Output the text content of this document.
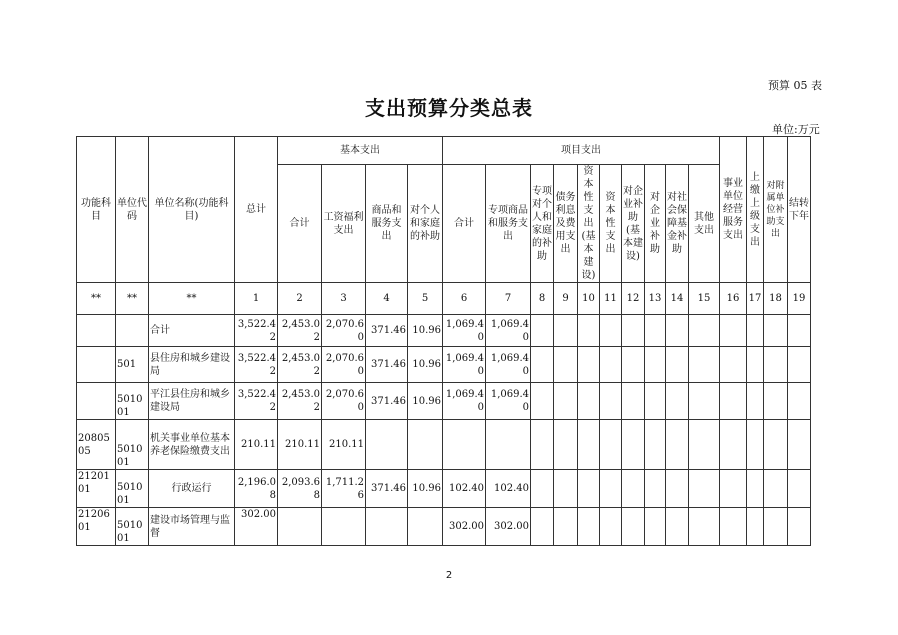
预算 05 表
支出预算分类总表
单位:万元
功能科目	单位代码	单位名称(功能科目)	总计	基本支出				项目支出										事业单位经营服务支出	上缴上级支出	对附属单位补助支出	结转下年
				合计	工资福利支出	商品和服务支出	对个人和家庭的补助	合计	专项商品和服务支出	专项对个人和家庭的补助	债务利息及费用支出	资本性支出(基本建设)	资本性支出	对企业补助(基本建设)	对企业补助	对社会保障基金补助	其他支出				
**	**	**	1	2	3	4	5	6	7	8	9	10	11	12	13	14	15	16	17	18	19
		合计	3,522.42	2,453.02	2,070.60	371.46	10.96	1,069.40	1,069.40												
	501	县住房和城乡建设局	3,522.42	2,453.02	2,070.60	371.46	10.96	1,069.40	1,069.40												
	501001	平江县住房和城乡建设局	3,522.42	2,453.02	2,070.60	371.46	10.96	1,069.40	1,069.40												
2080505	501001	机关事业单位基本养老保险缴费支出	210.11	210.11	210.11																
2120101	501001	行政运行	2,196.08	2,093.68	1,711.26	371.46	10.96	102.40	102.40												
2120601	501001	建设市场管理与监督	302.00					302.00	302.00												
2
